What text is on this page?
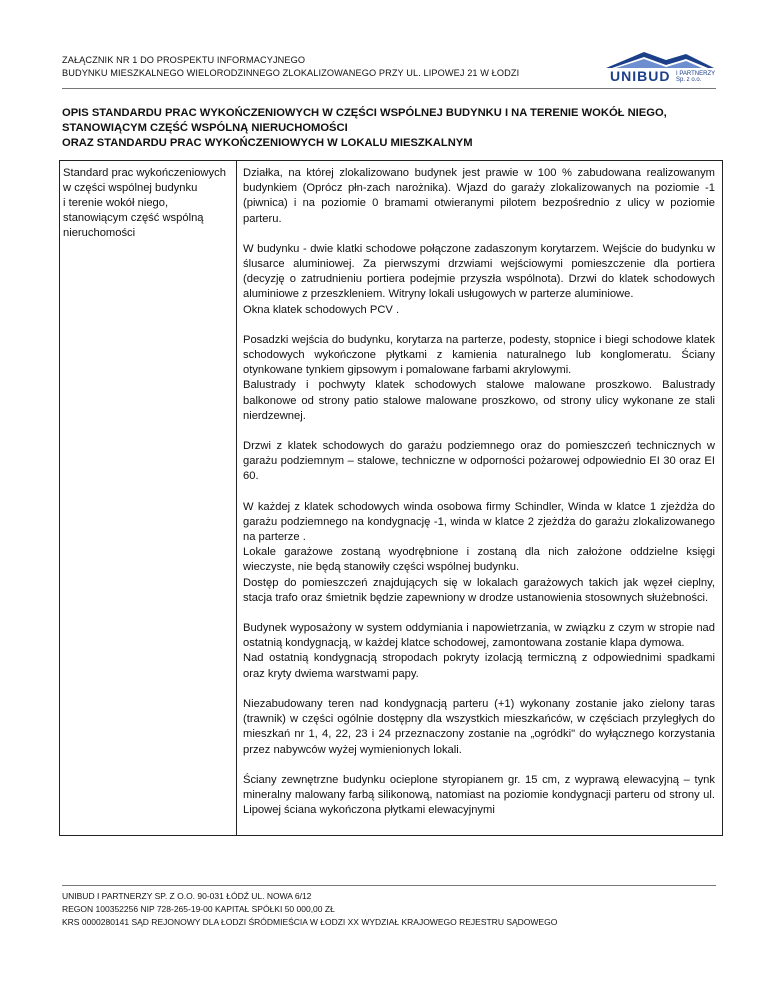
ZAŁĄCZNIK NR 1 DO PROSPEKTU INFORMACYJNEGO
BUDYNKU MIESZKALNEGO WIELORODZINNEGO ZLOKALIZOWANEGO PRZY UL. LIPOWEJ 21 W ŁODZI	UNIBUD I PARTNERZY Sp. z o.o.
OPIS STANDARDU PRAC WYKOŃCZENIOWYCH W CZĘŚCI WSPÓLNEJ BUDYNKU I NA TERENIE WOKÓŁ NIEGO,
STANOWIĄCYM CZĘŚĆ WSPÓLNĄ NIERUCHOMOŚCI
ORAZ STANDARDU PRAC WYKOŃCZENIOWYCH W LOKALU MIESZKALNYM
Standard prac wykończeniowych
w części wspólnej budynku
i terenie wokół niego,
stanowiącym część wspólną
nieruchomości

Działka, na której zlokalizowano budynek jest prawie w 100 % zabudowana realizowanym budynkiem (Oprócz płn-zach narożnika). Wjazd do garaży zlokalizowanych na poziomie -1 (piwnica) i na poziomie 0 bramami otwieranymi pilotem bezpośrednio z ulicy w poziomie parteru.

W budynku - dwie klatki schodowe połączone zadaszonym korytarzem. Wejście do budynku w ślusarce aluminiowej. Za pierwszymi drzwiami wejściowymi pomieszczenie dla portiera (decyzję o zatrudnieniu portiera podejmie przyszła wspólnota). Drzwi do klatek schodowych aluminiowe z przeszkleniem. Witryny lokali usługowych w parterze aluminiowe.
Okna klatek schodowych PCV .

Posadzki wejścia do budynku, korytarza na parterze, podesty, stopnice i biegi schodowe klatek schodowych wykończone płytkami z kamienia naturalnego lub konglomeratu. Ściany otynkowane tynkiem gipsowym i pomalowane farbami akrylowymi.
Balustrady i pochwyty klatek schodowych stalowe malowane proszkowo. Balustrady balkonowe od strony patio stalowe malowane proszkowo, od strony ulicy wykonane ze stali nierdzewnej.

Drzwi z klatek schodowych do garażu podziemnego oraz do pomieszczeń technicznych w garażu podziemnym – stalowe, techniczne w odporności pożarowej odpowiednio EI 30 oraz EI 60.

W każdej z klatek schodowych winda osobowa firmy Schindler, Winda w klatce 1 zjeżdża do garażu podziemnego na kondygnację -1, winda w klatce 2 zjeżdża do garażu zlokalizowanego na parterze .
Lokale garażowe zostaną wyodrębnione i zostaną dla nich założone oddzielne księgi wieczyste, nie będą stanowiły części wspólnej budynku.
Dostęp do pomieszczeń znajdujących się w lokalach garażowych takich jak węzeł cieplny, stacja trafo oraz śmietnik będzie zapewniony w drodze ustanowienia stosownych służebności.

Budynek wyposażony w system oddymiania i napowietrzania, w związku z czym w stropie nad ostatnią kondygnacją, w każdej klatce schodowej, zamontowana zostanie klapa dymowa.
Nad ostatnią kondygnacją stropodach pokryty izolacją termiczną z odpowiednimi spadkami oraz kryty dwiema warstwami papy.

Niezabudowany teren nad kondygnacją parteru (+1) wykonany zostanie jako zielony taras (trawnik) w części ogólnie dostępny dla wszystkich mieszkańców, w częściach przyległych do mieszkań nr 1, 4, 22, 23 i 24 przeznaczony zostanie na „ogródki" do wyłącznego korzystania przez nabywców wyżej wymienionych lokali.

Ściany zewnętrzne budynku ocieplone styropianem gr. 15 cm, z wyprawą elewacyjną – tynk mineralny malowany farbą silikonową, natomiast na poziomie kondygnacji parteru od strony ul. Lipowej ściana wykończona płytkami elewacyjnymi

UNIBUD I PARTNERZY SP. Z O.O. 90-031 ŁÓDŹ UL. NOWA 6/12
REGON 100352256 NIP 728-265-19-00 KAPITAŁ SPÓŁKI 50 000,00 ZŁ
KRS 0000280141 SĄD REJONOWY DLA ŁODZI ŚRÓDMIEŚCIA W ŁODZI XX WYDZIAŁ KRAJOWEGO REJESTRU SĄDOWEGO
